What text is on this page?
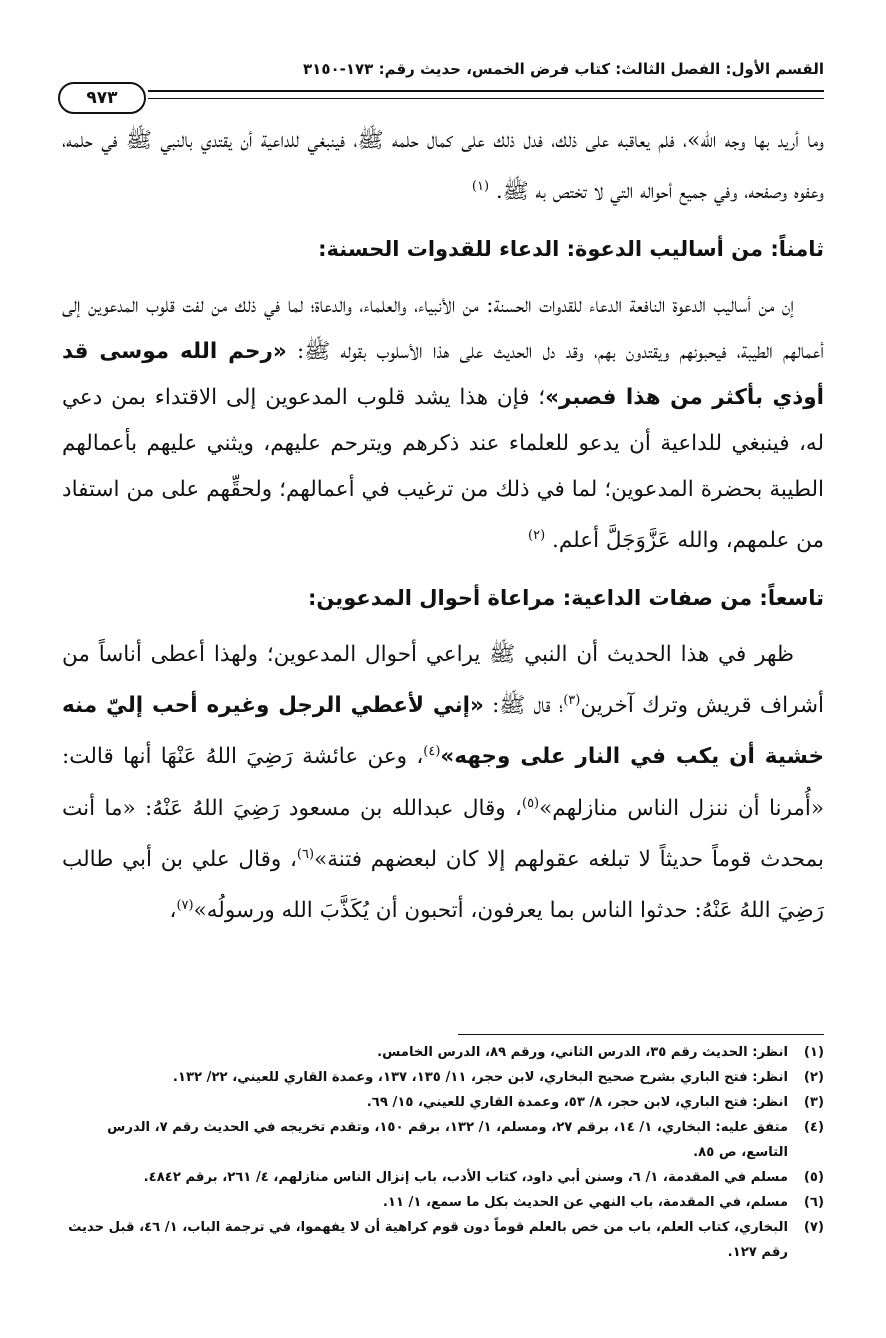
القسم الأول: الفصل الثالث: كتاب فرض الخمس، حديث رقم: ١٧٣-٣١٥٠
٩٧٣

وما أريد بها وجه الله»، فلم يعاقبه على ذلك، فدل ذلك على كمال حلمه ﷺ، فينبغي للداعية أن يقتدي بالنبي ﷺ في حلمه، وعفوه وصفحه، وفي جميع أحواله التي لا تختص به ﷺ. $^{(١)}$

ثامناً: من أساليب الدعوة: الدعاء للقدوات الحسنة:

إن من أساليب الدعوة النافعة الدعاء للقدوات الحسنة: من الأنبياء، والعلماء، والدعاة؛ لما في ذلك من لفت قلوب المدعوين إلى أعمالهم الطيبة، فيحبونهم ويقتدون بهم، وقد دل الحديث على هذا الأسلوب بقوله ﷺ: «رحم الله موسى قد أوذي بأكثر من هذا فصبر»؛ فإن هذا يشد قلوب المدعوين إلى الاقتداء بمن دعي له، فينبغي للداعية أن يدعو للعلماء عند ذكرهم ويترحم عليهم، ويثني عليهم بأعمالهم الطيبة بحضرة المدعوين؛ لما في ذلك من ترغيب في أعمالهم؛ ولحقِّهم على من استفاد من علمهم، والله عَزَّوَجَلَّ أعلم. $^{(٢)}$

تاسعاً: من صفات الداعية: مراعاة أحوال المدعوين:

ظهر في هذا الحديث أن النبي ﷺ يراعي أحوال المدعوين؛ ولهذا أعطى أناساً من أشراف قريش وترك آخرين$^{(٣)}$؛ قال ﷺ: «إني لأعطي الرجل وغيره أحب إليّ منه خشية أن يكب في النار على وجهه»$^{(٤)}$، وعن عائشة رَضِيَ اللهُ عَنْهَا أنها قالت: «أُمرنا أن ننزل الناس منازلهم»$^{(٥)}$، وقال عبدالله بن مسعود رَضِيَ اللهُ عَنْهُ: «ما أنت بمحدث قوماً حديثاً لا تبلغه عقولهم إلا كان لبعضهم فتنة»$^{(٦)}$، وقال علي بن أبي طالب رَضِيَ اللهُ عَنْهُ: حدثوا الناس بما يعرفون، أتحبون أن يُكَذَّبَ الله ورسولُه»$^{(٧)}$،

(١)
انظر: الحديث رقم ٣٥، الدرس الثاني، ورقم ٨٩، الدرس الخامس.

(٢)
انظر: فتح الباري بشرح صحيح البخاري، لابن حجر، ١١/ ١٣٥، ١٣٧، وعمدة القاري للعيني، ٢٢/ ١٣٢.

(٣)
انظر: فتح الباري، لابن حجر، ٨/ ٥٣، وعمدة القاري للعيني، ١٥/ ٦٩.

(٤)
متفق عليه: البخاري، ١/ ١٤، برقم ٢٧، ومسلم، ١/ ١٣٢، برقم ١٥٠، وتقدم تخريجه في الحديث رقم ٧، الدرس التاسع، ص ٨٥.

(٥)
مسلم في المقدمة، ١/ ٦، وسنن أبي داود، كتاب الأدب، باب إنزال الناس منازلهم، ٤/ ٢٦١، برقم ٤٨٤٢.

(٦)
مسلم، في المقدمة، باب النهي عن الحديث بكل ما سمع، ١/ ١١.

(٧)
البخاري، كتاب العلم، باب من خص بالعلم قوماً دون قوم كراهية أن لا يفهموا، في ترجمة الباب، ١/ ٤٦، قبل حديث رقم ١٢٧.
